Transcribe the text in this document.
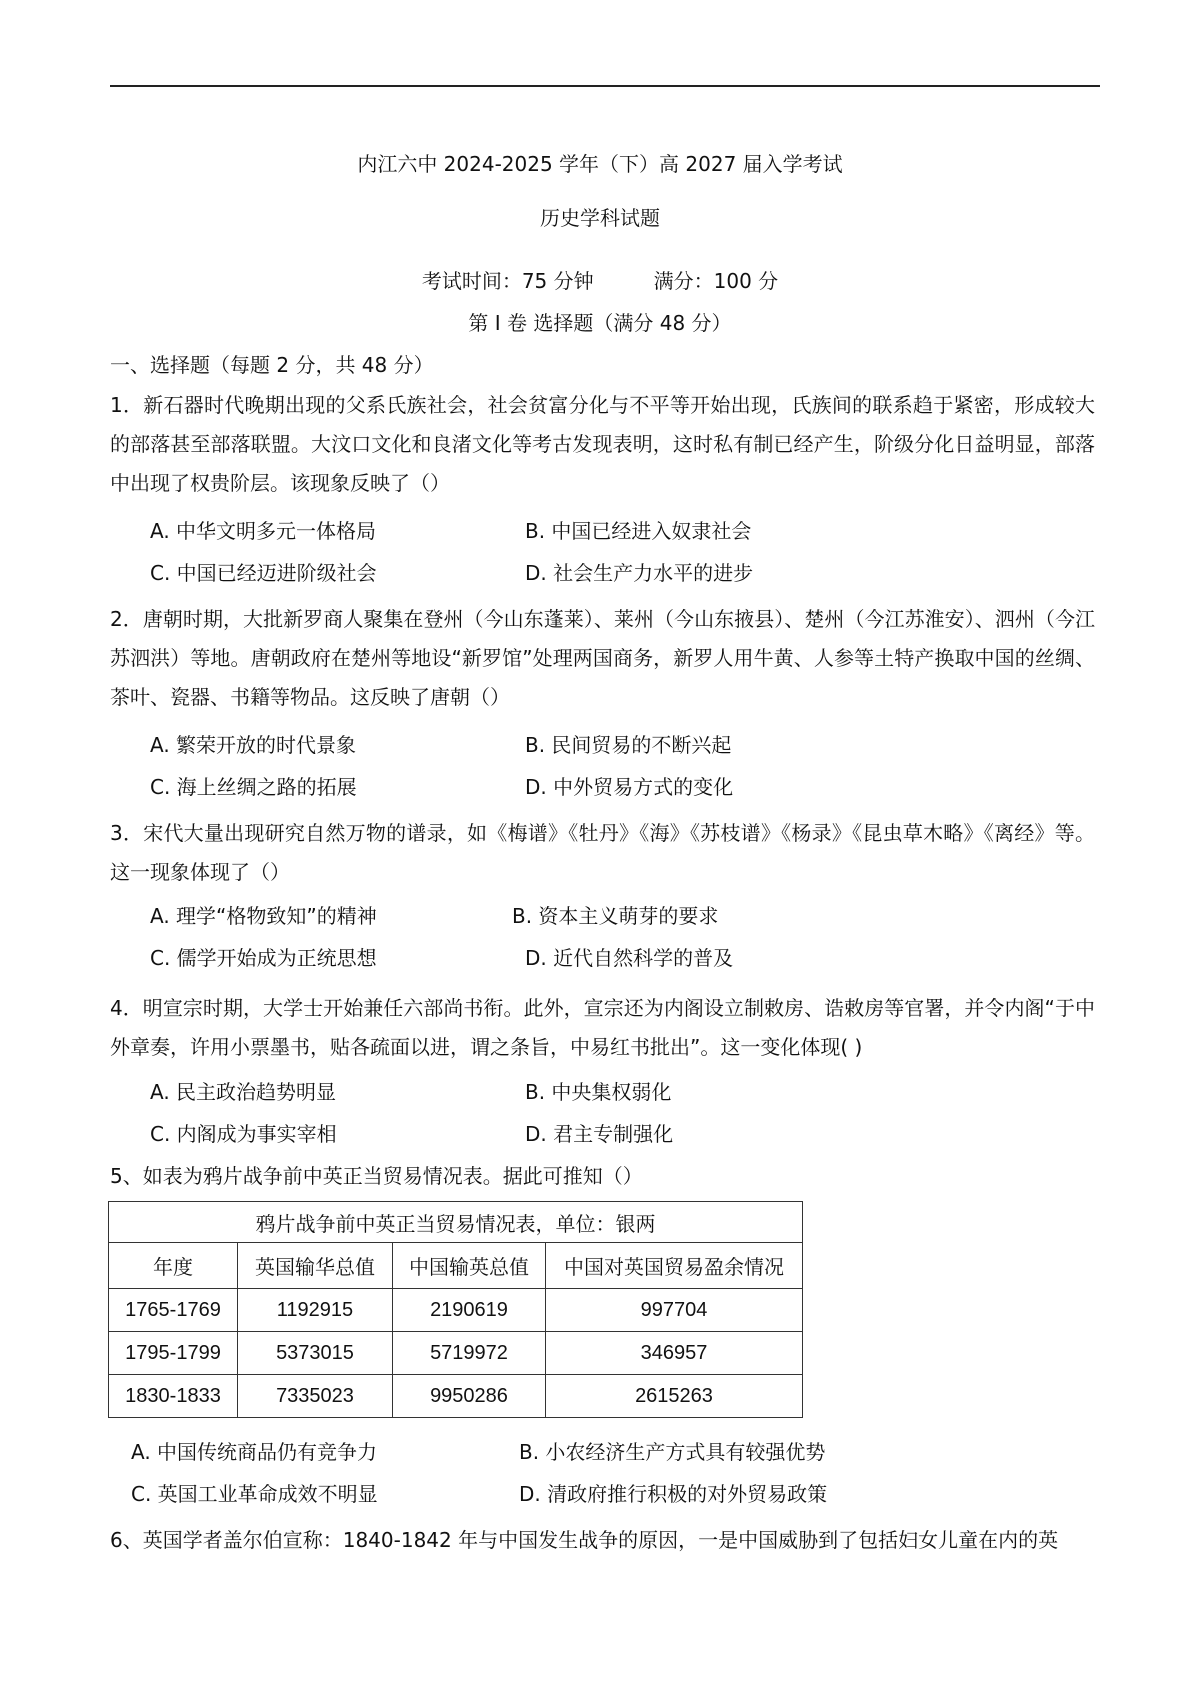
内江六中 2024-2025 学年（下）高 2027 届入学考试
历史学科试题
考试时间：75 分钟	满分：100 分
第 I 卷 选择题（满分 48 分）
一、选择题（每题 2 分，共 48 分）
1．新石器时代晚期出现的父系氏族社会，社会贫富分化与不平等开始出现，氏族间的联系趋于紧密，形成较大的部落甚至部落联盟。大汶口文化和良渚文化等考古发现表明，这时私有制已经产生，阶级分化日益明显，部落中出现了权贵阶层。该现象反映了（）
A. 中华文明多元一体格局	B. 中国已经进入奴隶社会
C. 中国已经迈进阶级社会	D. 社会生产力水平的进步
2．唐朝时期，大批新罗商人聚集在登州（今山东蓬莱）、莱州（今山东掖县）、楚州（今江苏淮安）、泗州（今江苏泗洪）等地。唐朝政府在楚州等地设“新罗馆”处理两国商务，新罗人用牛黄、人参等土特产换取中国的丝绸、茶叶、瓷器、书籍等物品。这反映了唐朝（）
A. 繁荣开放的时代景象	B. 民间贸易的不断兴起
C. 海上丝绸之路的拓展	D. 中外贸易方式的变化
3．宋代大量出现研究自然万物的谱录，如《梅谱》《牡丹》《海》《苏枝谱》《杨录》《昆虫草木略》《离经》等。这一现象体现了（）
A. 理学“格物致知”的精神	B. 资本主义萌芽的要求
C. 儒学开始成为正统思想	D. 近代自然科学的普及
4．明宣宗时期，大学士开始兼任六部尚书衔。此外，宣宗还为内阁设立制敕房、诰敕房等官署，并令内阁“于中外章奏，许用小票墨书，贴各疏面以进，谓之条旨，中易红书批出”。这一变化体现( )
A. 民主政治趋势明显	B. 中央集权弱化
C. 内阁成为事实宰相	D. 君主专制强化
5、如表为鸦片战争前中英正当贸易情况表。据此可推知（）
鸦片战争前中英正当贸易情况表，单位：银两			
年度	英国输华总值	中国输英总值	中国对英国贸易盈余情况
1765-1769	1192915	2190619	997704
1795-1799	5373015	5719972	346957
1830-1833	7335023	9950286	2615263
A. 中国传统商品仍有竞争力	B. 小农经济生产方式具有较强优势
C. 英国工业革命成效不明显	D. 清政府推行积极的对外贸易政策
6、英国学者盖尔伯宣称：1840-1842 年与中国发生战争的原因，一是中国威胁到了包括妇女儿童在内的英
